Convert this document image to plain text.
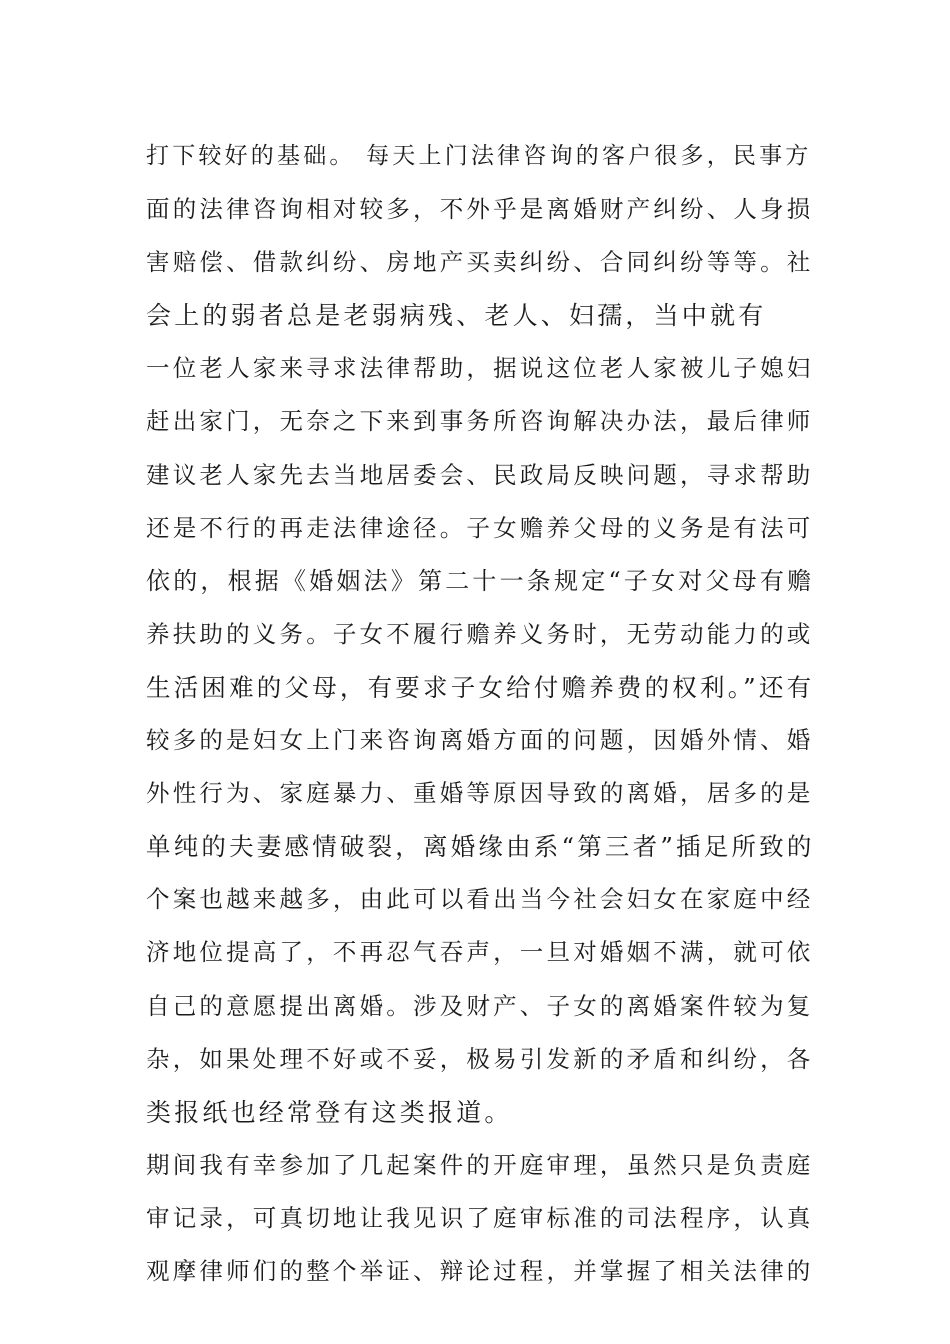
打下较好的基础。 每天上门法律咨询的客户很多，民事方
面的法律咨询相对较多，不外乎是离婚财产纠纷、人身损
害赔偿、借款纠纷、房地产买卖纠纷、合同纠纷等等。社
会上的弱者总是老弱病残、老人、妇孺，当中就有
一位老人家来寻求法律帮助，据说这位老人家被儿子媳妇
赶出家门，无奈之下来到事务所咨询解决办法，最后律师
建议老人家先去当地居委会、民政局反映问题，寻求帮助
还是不行的再走法律途径。子女赡养父母的义务是有法可
依的，根据《婚姻法》第二十一条规定“子女对父母有赡
养扶助的义务。子女不履行赡养义务时，无劳动能力的或
生活困难的父母，有要求子女给付赡养费的权利。”还有
较多的是妇女上门来咨询离婚方面的问题，因婚外情、婚
外性行为、家庭暴力、重婚等原因导致的离婚，居多的是
单纯的夫妻感情破裂，离婚缘由系“第三者”插足所致的
个案也越来越多，由此可以看出当今社会妇女在家庭中经
济地位提高了，不再忍气吞声，一旦对婚姻不满，就可依
自己的意愿提出离婚。涉及财产、子女的离婚案件较为复
杂，如果处理不好或不妥，极易引发新的矛盾和纠纷，各
类报纸也经常登有这类报道。
期间我有幸参加了几起案件的开庭审理，虽然只是负责庭
审记录，可真切地让我见识了庭审标准的司法程序，认真
观摩律师们的整个举证、辩论过程，并掌握了相关法律的
